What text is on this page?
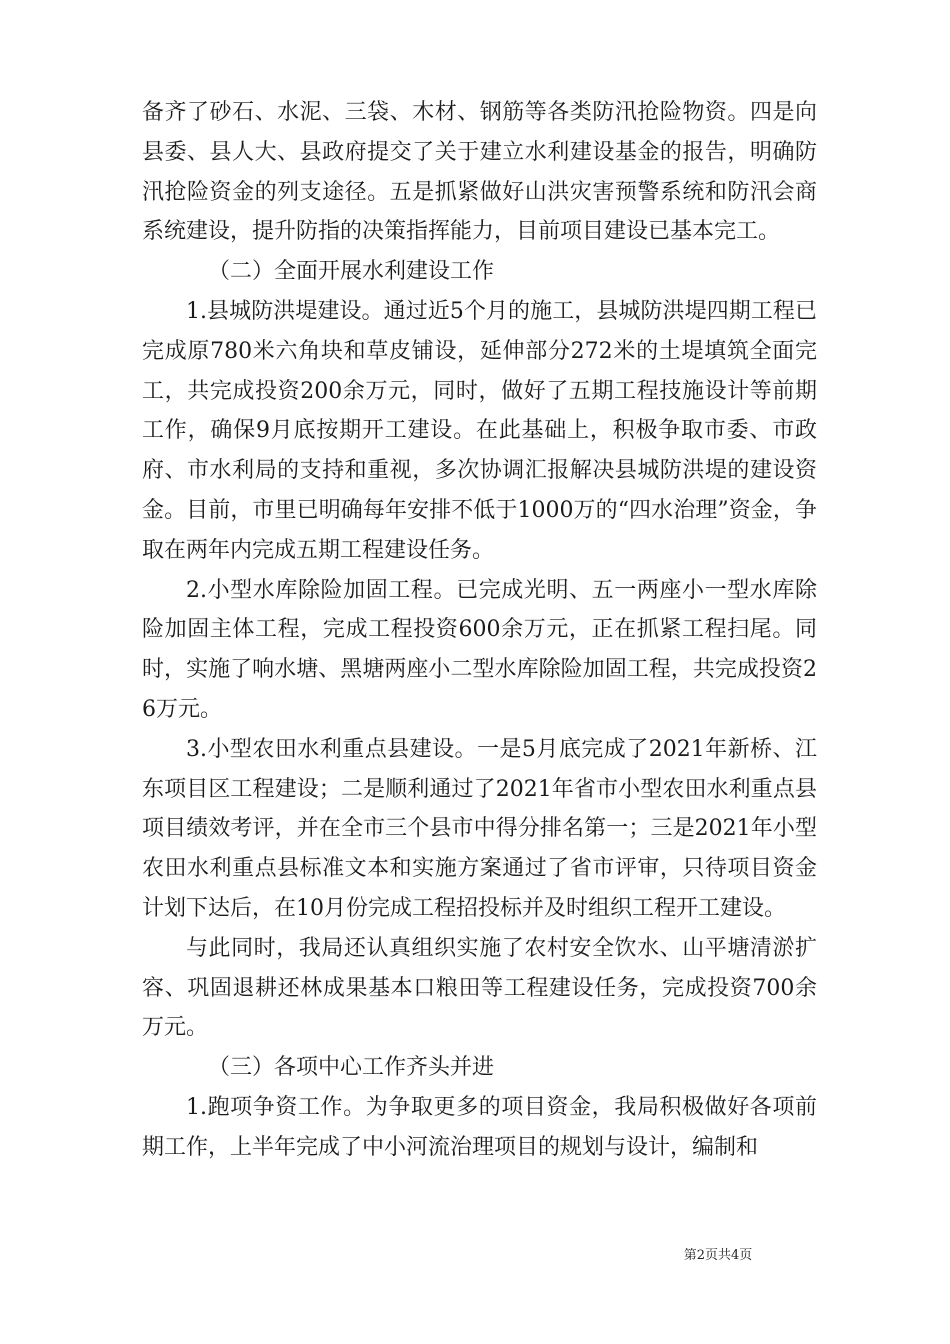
备齐了砂石、水泥、三袋、木材、钢筋等各类防汛抢险物资。四是向县委、县人大、县政府提交了关于建立水利建设基金的报告，明确防汛抢险资金的列支途径。五是抓紧做好山洪灾害预警系统和防汛会商系统建设，提升防指的决策指挥能力，目前项目建设已基本完工。

（二）全面开展水利建设工作

1.县城防洪堤建设。通过近5个月的施工，县城防洪堤四期工程已完成原780米六角块和草皮铺设，延伸部分272米的土堤填筑全面完工，共完成投资200余万元，同时，做好了五期工程技施设计等前期工作，确保9月底按期开工建设。在此基础上，积极争取市委、市政府、市水利局的支持和重视，多次协调汇报解决县城防洪堤的建设资金。目前，市里已明确每年安排不低于1000万的“四水治理”资金，争取在两年内完成五期工程建设任务。

2.小型水库除险加固工程。已完成光明、五一两座小一型水库除险加固主体工程，完成工程投资600余万元，正在抓紧工程扫尾。同时，实施了响水塘、黑塘两座小二型水库除险加固工程，共完成投资26万元。

3.小型农田水利重点县建设。一是5月底完成了2021年新桥、江东项目区工程建设；二是顺利通过了2021年省市小型农田水利重点县项目绩效考评，并在全市三个县市中得分排名第一；三是2021年小型农田水利重点县标准文本和实施方案通过了省市评审，只待项目资金计划下达后，在10月份完成工程招投标并及时组织工程开工建设。

与此同时，我局还认真组织实施了农村安全饮水、山平塘清淤扩容、巩固退耕还林成果基本口粮田等工程建设任务，完成投资700余万元。

（三）各项中心工作齐头并进

1.跑项争资工作。为争取更多的项目资金，我局积极做好各项前期工作，上半年完成了中小河流治理项目的规划与设计，编制和

第2页共4页
